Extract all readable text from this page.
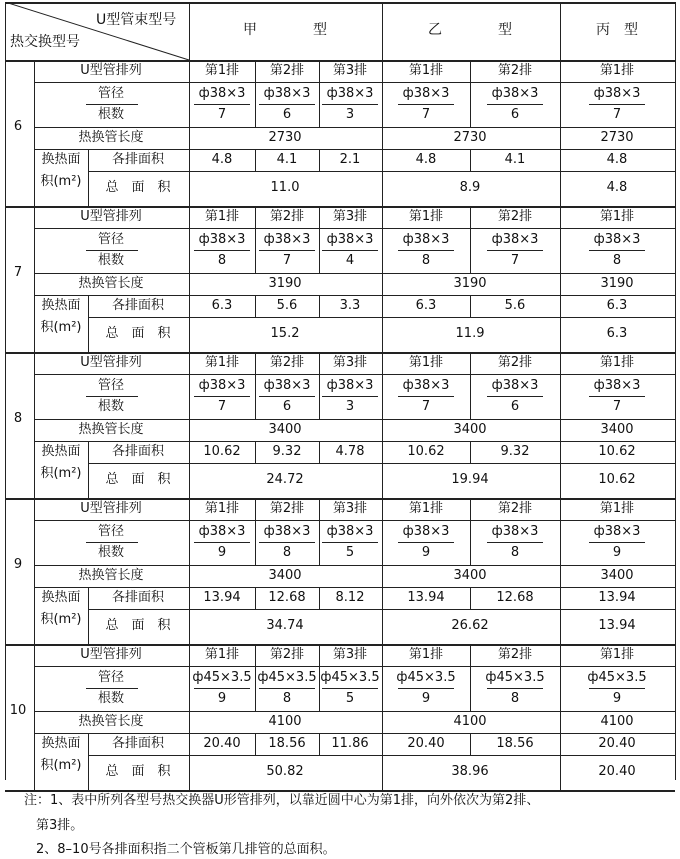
U型管束型号
热交换型号
甲　　　　型	乙　　　　型	丙　型
6
U型管排列
管径
根数
热换管长度
换热面
积(m²)
各排面积
总　面　积
第1排
ф38×3
7
4.8
第2排
ф38×3
6
4.1
第3排
ф38×3
3
2.1
第1排
ф38×3
7
4.8
第2排
ф38×3
6
4.1
第1排
ф38×3
7
4.8
2730
11.0
2730
8.9
2730
4.8
7
U型管排列
管径
根数
热换管长度
换热面
积(m²)
各排面积
总　面　积
第1排
ф38×3
8
6.3
第2排
ф38×3
7
5.6
第3排
ф38×3
4
3.3
第1排
ф38×3
8
6.3
第2排
ф38×3
7
5.6
第1排
ф38×3
8
6.3
3190
15.2
3190
11.9
3190
6.3
8
U型管排列
管径
根数
热换管长度
换热面
积(m²)
各排面积
总　面　积
第1排
ф38×3
7
10.62
第2排
ф38×3
6
9.32
第3排
ф38×3
3
4.78
第1排
ф38×3
7
10.62
第2排
ф38×3
6
9.32
第1排
ф38×3
7
10.62
3400
24.72
3400
19.94
3400
10.62
9
U型管排列
管径
根数
热换管长度
换热面
积(m²)
各排面积
总　面　积
第1排
ф38×3
9
13.94
第2排
ф38×3
8
12.68
第3排
ф38×3
5
8.12
第1排
ф38×3
9
13.94
第2排
ф38×3
8
12.68
第1排
ф38×3
9
13.94
3400
34.74
3400
26.62
3400
13.94
10
U型管排列
管径
根数
热换管长度
换热面
积(m²)
各排面积
总　面　积
第1排
ф45×3.5
9
20.40
第2排
ф45×3.5
8
18.56
第3排
ф45×3.5
5
11.86
第1排
ф45×3.5
9
20.40
第2排
ф45×3.5
8
18.56
第1排
ф45×3.5
9
20.40
4100
50.82
4100
38.96
4100
20.40
注：1、表中所列各型号热交换器U形管排列，以靠近圆中心为第1排，向外依次为第2排、
第3排。
2、8–10号各排面积指二个管板第几排管的总面积。
